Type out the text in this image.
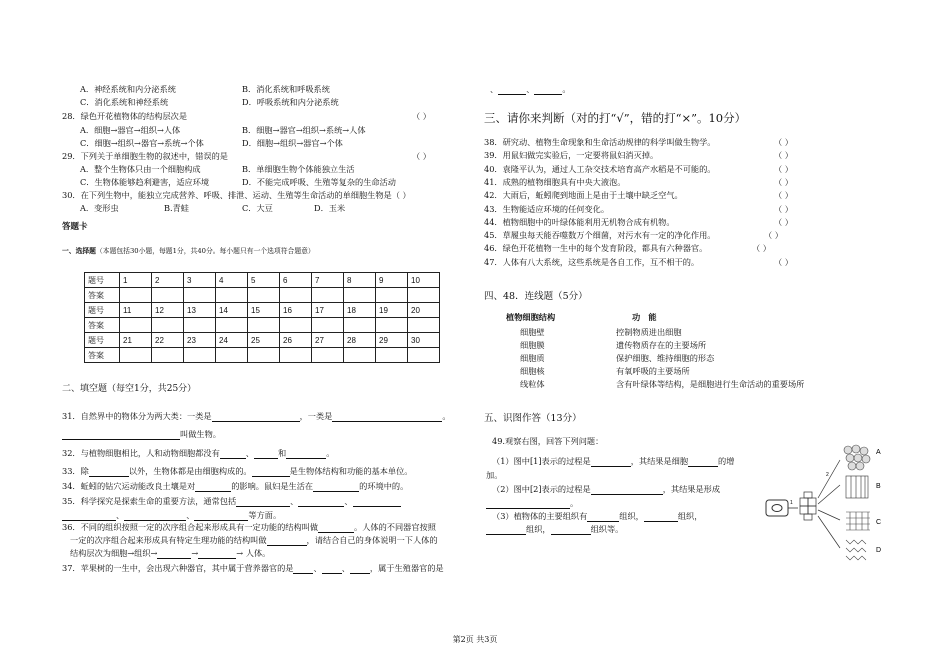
A．神经系统和内分泌系统	B．消化系统和呼吸系统
C．消化系统和神经系统	D．呼吸系统和内分泌系统
28．绿色开花植物体的结构层次是	（ ）
A．细胞→器官→组织→人体	B．细胞→器官→组织→系统→人体
C．细胞→组织→器官→系统→个体	D．细胞→组织→器官→个体
29．下列关于单细胞生物的叙述中，错误的是	（ ）
A．整个生物体只由一个细胞构成	B．单细胞生物个体能独立生活
C．生物体能够趋利避害，适应环境	D．不能完成呼吸、生殖等复杂的生命活动
30．在下列生物中，能独立完成营养、呼吸、排泄、运动、生殖等生命活动的单细胞生物是（ ）
A．变形虫	B.青蛙	C．大豆	D．玉米
答题卡
一、选择题（本题包括30小题，每题1分，共40分。每小题只有一个选项符合题意）
题号	1	2	3	4	5	6	7	8	9	10
答案										
题号	11	12	13	14	15	16	17	18	19	20
答案										
题号	21	22	23	24	25	26	27	28	29	30
答案										
二、填空题（每空1分，共25分）
31．自然界中的物体分为两大类：一类是	，一类是	。
叫做生物。
32．与植物细胞相比，人和动物细胞都没有	、	和	。
33．除	以外，生物体都是由细胞构成的。	是生物体结构和功能的基本单位。
34．蚯蚓的钻穴运动能改良土壤是对	的影响。鼠妇是生活在	的环境中的。
35．科学探究是探索生命的重要方法，通常包括	、	、
、	、	等方面。
36．不同的组织按照一定的次序组合起来形成具有一定功能的结构叫做	。人体的不同器官按照
一定的次序组合起来形成具有特定生理功能的结构叫做	，请结合自己的身体说明一下人体的
结构层次为细胞→组织→	→	→ 人体。
37．苹果树的一生中，会出现六种器官，其中属于营养器官的是 、 、 ，属于生殖器官的是
、	、	。
三、请你来判断（对的打“√”，错的打“×”。10分）
38．研究动、植物生命现象和生命活动规律的科学叫做生物学。	（ ）
39．用鼠妇做完实验后，一定要将鼠妇消灭掉。	（ ）
40．袁隆平认为，通过人工杂交技术培育高产水稻是不可能的。	（ ）
41．成熟的植物细胞具有中央大液泡。	（ ）
42．大雨后，蚯蚓爬到地面上是由于土壤中缺乏空气。	（ ）
43．生物能适应环境的任何变化。	（ ）
44．植物细胞中的叶绿体能利用无机物合成有机物。	（ ）
45．草履虫每天能吞噬数万个细菌，对污水有一定的净化作用。	（ ）
46．绿色开花植物一生中的每个发育阶段，都具有六种器官。	（ ）
47．人体有八大系统，这些系统是各自工作，互不相干的。	（ ）
四、48．连线题（5分）
植物细胞结构	功　能
细胞壁	控制物质进出细胞
细胞膜	遗传物质存在的主要场所
细胞质	保护细胞、维持细胞的形态
细胞核	有氧呼吸的主要场所
线粒体	含有叶绿体等结构，是细胞进行生命活动的重要场所
五、识图作答（13分）
49.观察右图，回答下列问题：
（1）图中[1]表示的过程是	，其结果是细胞	的增
加。
（2）图中[2]表示的过程是	，其结果是形成
。
（3）植物体的主要组织有	组织，	组织，
组织，	组织等。
A
B
C
D
1
2
第2页 共3页
